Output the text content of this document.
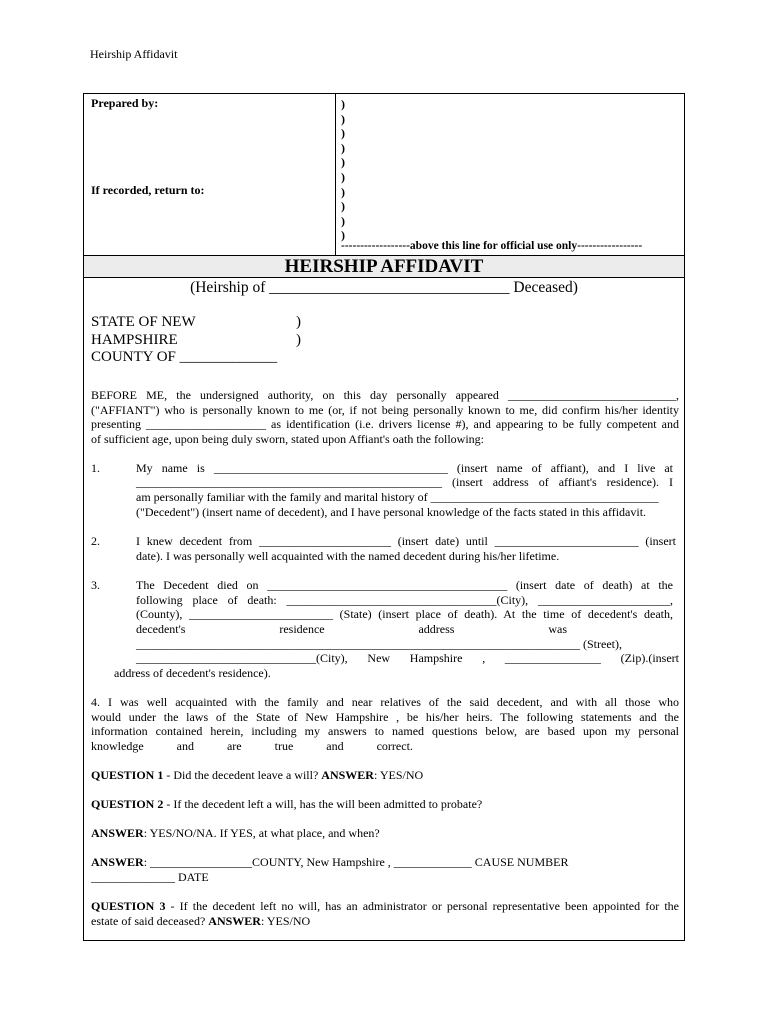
Heirship Affidavit
Prepared by:
If recorded, return to:
)
)
)
)
)
)
)
)
)
)
------------------above this line for official use only-----------------
HEIRSHIP AFFIDAVIT
(Heirship of _______________________________ Deceased)
STATE OF NEW
HAMPSHIRE
COUNTY OF _____________
)
)
BEFORE ME, the undersigned authority, on this day personally appeared ____________________________,
("AFFIANT") who is personally known to me (or, if not being personally known to me, did confirm his/her identity
presenting ____________________ as identification (i.e. drivers license #), and appearing to be fully competent and
of sufficient age, upon being duly sworn, stated upon Affiant's oath the following:
1.	My name is _______________________________________ (insert name of affiant), and I live at
___________________________________________________ (insert address of affiant's residence). I
am personally familiar with the family and marital history of ______________________________________
("Decedent") (insert name of decedent), and I have personal knowledge of the facts stated in this affidavit.
2.	I knew decedent from ______________________ (insert date) until ________________________ (insert
date). I was personally well acquainted with the named decedent during his/her lifetime.
3.	The Decedent died on ________________________________________ (insert date of death) at the
following place of death: ___________________________________(City), ______________________,
(County), ________________________ (State) (insert place of death). At the time of decedent's death,
decedent's residence address was
__________________________________________________________________________ (Street),
______________________________(City), New Hampshire , ________________ (Zip).(insert
address of decedent's residence).
4. I was well acquainted with the family and near relatives of the said decedent, and with all those who
would under the laws of the State of New Hampshire , be his/her heirs. The following statements and the
information contained herein, including my answers to named questions below, are based upon my personal
knowledge and are true and correct.
QUESTION 1 - Did the decedent leave a will? ANSWER: YES/NO
QUESTION 2 - If the decedent left a will, has the will been admitted to probate?
ANSWER: YES/NO/NA. If YES, at what place, and when?
ANSWER: _________________COUNTY, New Hampshire , _____________ CAUSE NUMBER
______________ DATE
QUESTION 3 - If the decedent left no will, has an administrator or personal representative been appointed for the
estate of said deceased? ANSWER: YES/NO
